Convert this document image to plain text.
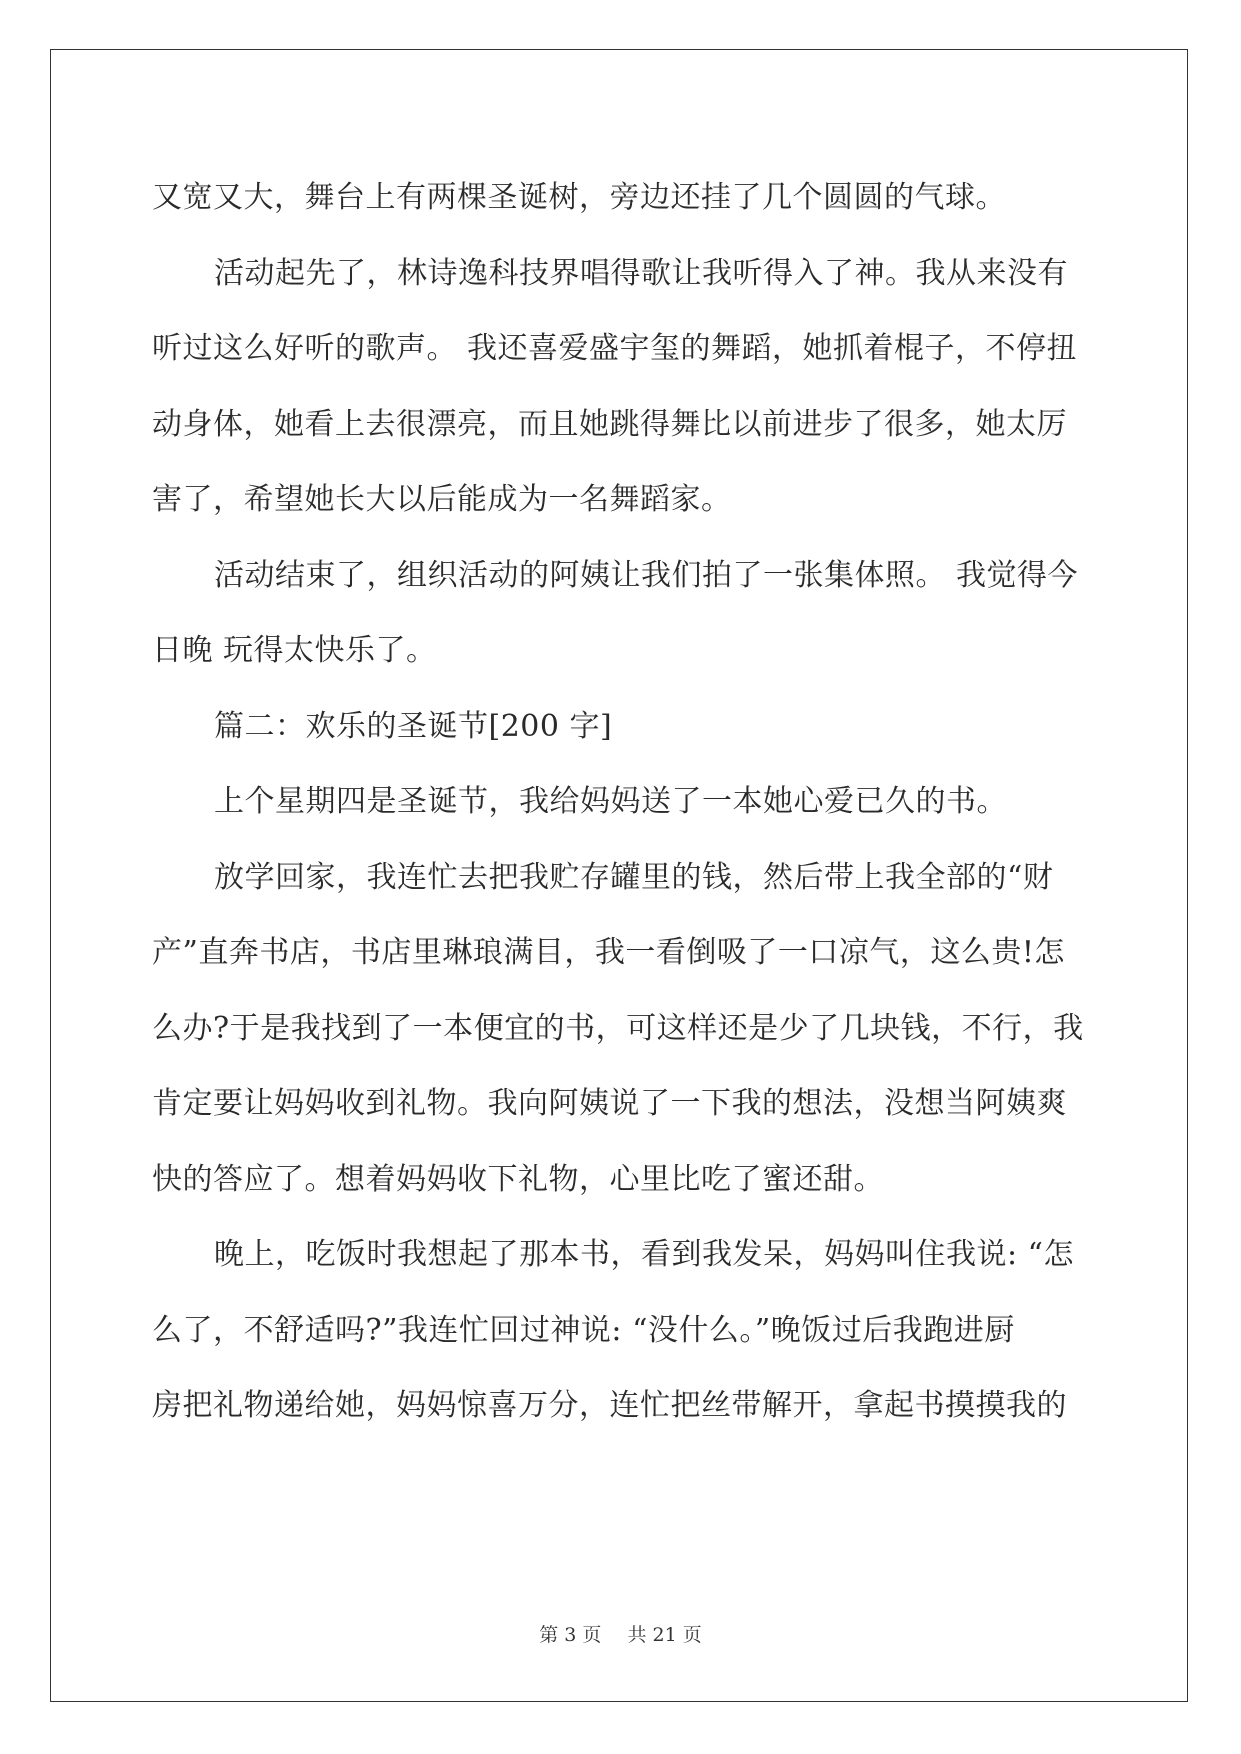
又宽又大，舞台上有两棵圣诞树，旁边还挂了几个圆圆的气球。
活动起先了，林诗逸科技界唱得歌让我听得入了神。我从来没有
听过这么好听的歌声。 我还喜爱盛宇玺的舞蹈，她抓着棍子，不停扭
动身体，她看上去很漂亮，而且她跳得舞比以前进步了很多，她太厉
害了，希望她长大以后能成为一名舞蹈家。
活动结束了，组织活动的阿姨让我们拍了一张集体照。 我觉得今
日晚 玩得太快乐了。
篇二：欢乐的圣诞节[200 字]
上个星期四是圣诞节，我给妈妈送了一本她心爱已久的书。
放学回家，我连忙去把我贮存罐里的钱，然后带上我全部的“财
产”直奔书店，书店里琳琅满目，我一看倒吸了一口凉气，这么贵!怎
么办?于是我找到了一本便宜的书，可这样还是少了几块钱，不行，我
肯定要让妈妈收到礼物。我向阿姨说了一下我的想法，没想当阿姨爽
快的答应了。想着妈妈收下礼物，心里比吃了蜜还甜。
晚上，吃饭时我想起了那本书，看到我发呆，妈妈叫住我说: “怎
么了，不舒适吗?”我连忙回过神说: “没什么。”晚饭过后我跑进厨
房把礼物递给她，妈妈惊喜万分，连忙把丝带解开，拿起书摸摸我的
第 3 页 共 21 页
